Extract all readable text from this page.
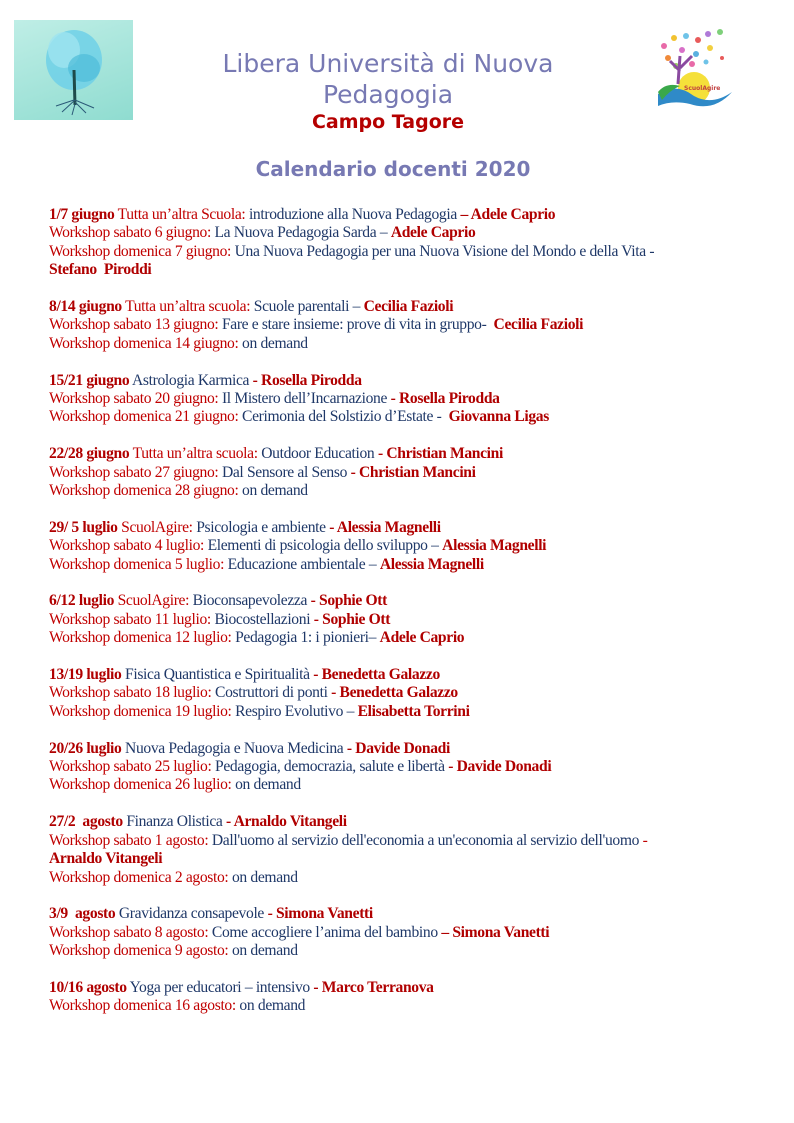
ScuolAgire
Libera Università di Nuova
Pedagogia
Campo Tagore
Calendario docenti 2020
1/7 giugno Tutta un’altra Scuola: introduzione alla Nuova Pedagogia – Adele Caprio
Workshop sabato 6 giugno: La Nuova Pedagogia Sarda – Adele Caprio
Workshop domenica 7 giugno: Una Nuova Pedagogia per una Nuova Visione del Mondo e della Vita -
Stefano  Piroddi
8/14 giugno Tutta un’altra scuola: Scuole parentali – Cecilia Fazioli
Workshop sabato 13 giugno: Fare e stare insieme: prove di vita in gruppo-  Cecilia Fazioli
Workshop domenica 14 giugno: on demand
15/21 giugno Astrologia Karmica - Rosella Pirodda
Workshop sabato 20 giugno: Il Mistero dell’Incarnazione - Rosella Pirodda
Workshop domenica 21 giugno: Cerimonia del Solstizio d’Estate -  Giovanna Ligas
22/28 giugno Tutta un’altra scuola: Outdoor Education - Christian Mancini
Workshop sabato 27 giugno: Dal Sensore al Senso - Christian Mancini
Workshop domenica 28 giugno: on demand
29/ 5 luglio ScuolAgire: Psicologia e ambiente - Alessia Magnelli
Workshop sabato 4 luglio: Elementi di psicologia dello sviluppo – Alessia Magnelli
Workshop domenica 5 luglio: Educazione ambientale – Alessia Magnelli
6/12 luglio ScuolAgire: Bioconsapevolezza - Sophie Ott
Workshop sabato 11 luglio: Biocostellazioni - Sophie Ott
Workshop domenica 12 luglio: Pedagogia 1: i pionieri– Adele Caprio
13/19 luglio Fisica Quantistica e Spiritualità - Benedetta Galazzo
Workshop sabato 18 luglio: Costruttori di ponti - Benedetta Galazzo
Workshop domenica 19 luglio: Respiro Evolutivo – Elisabetta Torrini
20/26 luglio Nuova Pedagogia e Nuova Medicina - Davide Donadi
Workshop sabato 25 luglio: Pedagogia, democrazia, salute e libertà - Davide Donadi
Workshop domenica 26 luglio: on demand
27/2  agosto Finanza Olistica - Arnaldo Vitangeli
Workshop sabato 1 agosto: Dall'uomo al servizio dell'economia a un'economia al servizio dell'uomo -
Arnaldo Vitangeli
Workshop domenica 2 agosto: on demand
3/9  agosto Gravidanza consapevole - Simona Vanetti
Workshop sabato 8 agosto: Come accogliere l’anima del bambino – Simona Vanetti
Workshop domenica 9 agosto: on demand
10/16 agosto Yoga per educatori – intensivo - Marco Terranova
Workshop domenica 16 agosto: on demand
